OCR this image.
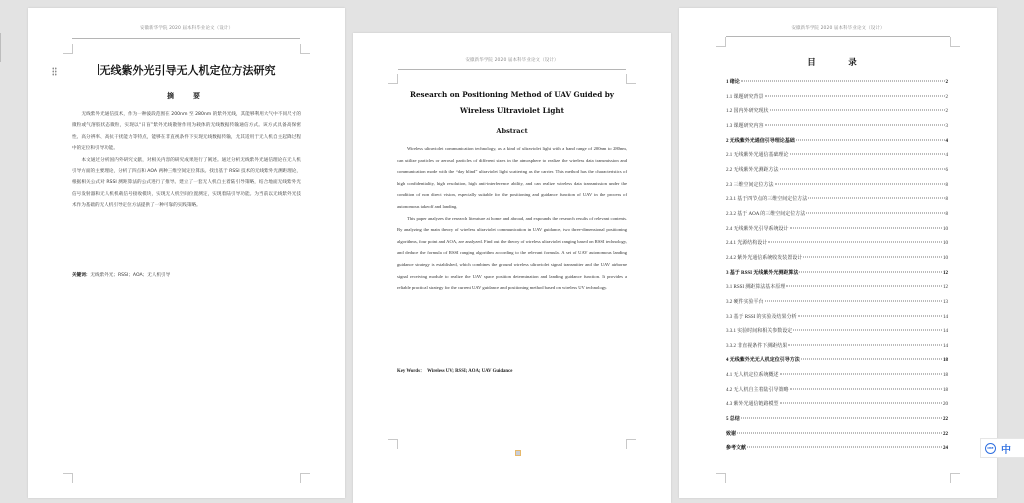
安徽新华学院 2020 届本科毕业论文（设计）
无线紫外光引导无人机定位方法研究
摘　要

无线紫外光通信技术，作为一种波段范围在 200nm 至 280nm 的紫外光线，其能够利用大气中不同尺寸的微粒或气溶胶状态微粒，实现以“日盲”紫外光线散射作用为载体的无线数据传输通信方式。该方式具备高保密性、高分辨率、高抗干扰能力等特点，能够在非直视条件下实现无线数据传输，尤其适用于无人机自主起降过程中的定位和引导功能。

本文通过分析国内外研究文献，对相关内容的研究成果进行了阐述。通过分析无线紫外光通信理论在无人机引导方面的主要理论，分析了四点和 AOA 两种三维空间定位算法。找出基于 RSSI 技术的无线紫外光测距理论，根据相关公式对 RSSI 测距算法的公式进行了推导。建立了一套无人机自主着陆引导策略，结合地面无线紫外光信号发射器和无人机机载信号接收模块，实现无人机空间位置测定，实现着陆引导功能。为当前以无线紫外光技术作为基础的无人机引导定位方法提供了一种可靠的实践策略。

关键词：无线紫外光；RSSI；AOA；无人机引导
安徽新华学院 2020 届本科毕业论文（设计）
Research on Positioning Method of UAV Guided by Wireless Ultraviolet Light
Abstract

Wireless ultraviolet communication technology, as a kind of ultraviolet light with a band range of 200nm to 280nm, can utilize particles or aerosol particles of different sizes in the atmosphere to realize the wireless data transmission and communication mode with the “day blind” ultraviolet light scattering as the carrier. This method has the characteristics of high confidentiality, high resolution, high anti-interference ability, and can realize wireless data transmission under the condition of non direct vision, especially suitable for the positioning and guidance function of UAV in the process of autonomous takeoff and landing.

This paper analyzes the research literature at home and abroad, and expounds the research results of relevant contents. By analyzing the main theory of wireless ultraviolet communication in UAV guidance, two three-dimensional positioning algorithms, four point and AOA, are analyzed. Find out the theory of wireless ultraviolet ranging based on RSSI technology, and deduce the formula of RSSI ranging algorithm according to the relevant formula. A set of UAV autonomous landing guidance strategy is established, which combines the ground wireless ultraviolet signal transmitter and the UAV airborne signal receiving module to realize the UAV space position determination and landing guidance function. It provides a reliable practical strategy for the current UAV guidance and positioning method based on wireless UV technology.

Key Words： Wireless UV; RSSI; AOA; UAV Guidance
安徽新华学院 2020 届本科毕业论文（设计）
目　录
1 绪论	2
1.1 课题研究背景	2
1.2 国内外研究现状	2
1.3 课题研究内容	3
2 无线紫外光通信引导理论基础	4
2.1 无线紫外光通信基础理论	4
2.2 无线紫外光测距方法	6
2.3 三维空间定位方法	8
2.3.1 基于四节点的三维空间定位方法	8
2.3.2 基于 AOA 的三维空间定位方法	8
2.4 无线紫外光引导系统设计	10
2.4.1 光源结构设计	10
2.4.2 紫外光通信系统收发装置设计	10
3 基于 RSSI 无线紫外光测距算法	12
3.1 RSSI 测距算法基本原理	12
3.2 硬件实验平台	13
3.3 基于 RSSI 的实验及结果分析	14
3.3.1 实验时间和相关参数设定	14
3.3.2 非直视条件下测距结果	14
4 无线紫外光无人机定位引导方法	18
4.1 无人机定位系统概述	18
4.2 无人机自主着陆引导策略	18
4.3 紫外光通信链路模型	20
5 总结	22
致谢	22
参考文献	24	IME 中
